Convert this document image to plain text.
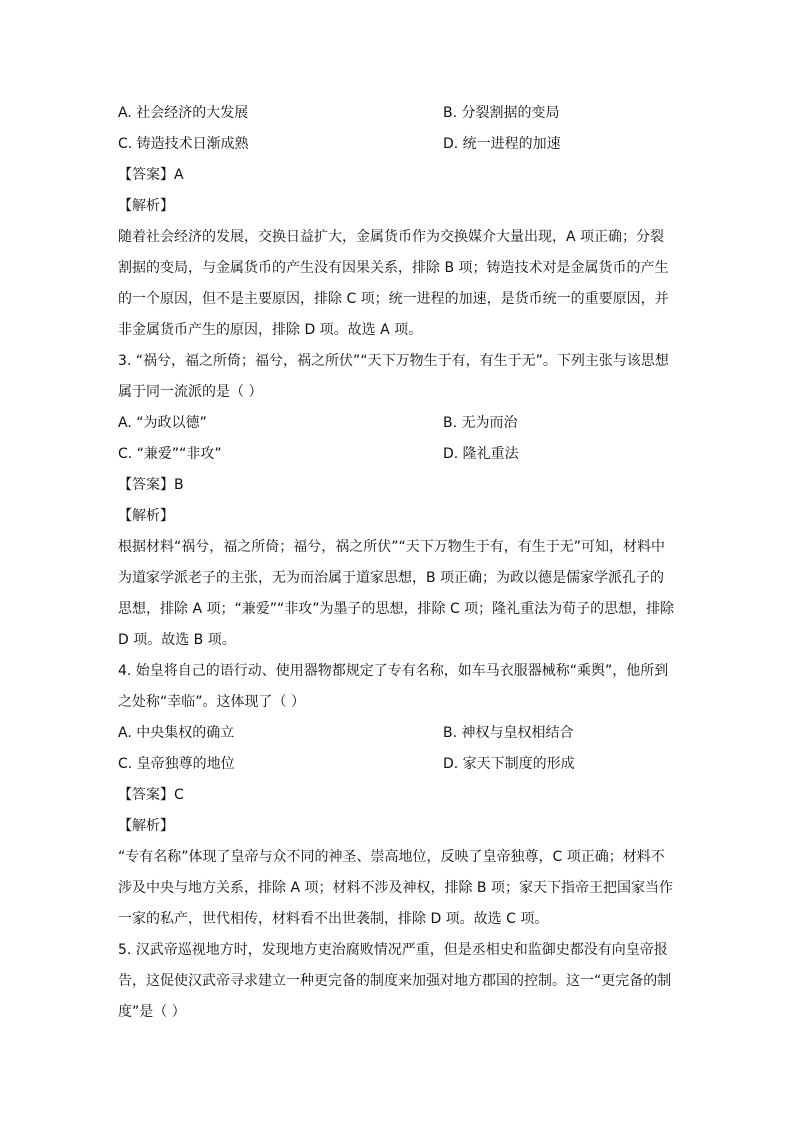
A. 社会经济的大发展	B. 分裂割据的变局
C. 铸造技术日渐成熟	D. 统一进程的加速
【答案】A
【解析】
随着社会经济的发展，交换日益扩大，金属货币作为交换媒介大量出现，A 项正确；分裂
割据的变局，与金属货币的产生没有因果关系，排除 B 项；铸造技术对是金属货币的产生
的一个原因，但不是主要原因，排除 C 项；统一进程的加速，是货币统一的重要原因，并
非金属货币产生的原因，排除 D 项。故选 A 项。
3. “祸兮，福之所倚；福兮，祸之所伏”“天下万物生于有，有生于无”。下列主张与该思想
属于同一流派的是（ ）
A. “为政以德”	B. 无为而治
C. “兼爱”“非攻”	D. 隆礼重法
【答案】B
【解析】
根据材料“祸兮，福之所倚；福兮，祸之所伏”“天下万物生于有，有生于无”可知，材料中
为道家学派老子的主张，无为而治属于道家思想，B 项正确；为政以德是儒家学派孔子的
思想，排除 A 项；“兼爱”“非攻”为墨子的思想，排除 C 项；隆礼重法为荀子的思想，排除
D 项。故选 B 项。
4. 始皇将自己的语行动、使用器物都规定了专有名称，如车马衣服器械称“乘舆”，他所到
之处称“幸临”。这体现了（ ）
A. 中央集权的确立	B. 神权与皇权相结合
C. 皇帝独尊的地位	D. 家天下制度的形成
【答案】C
【解析】
“专有名称”体现了皇帝与众不同的神圣、崇高地位，反映了皇帝独尊，C 项正确；材料不
涉及中央与地方关系，排除 A 项；材料不涉及神权，排除 B 项；家天下指帝王把国家当作
一家的私产，世代相传，材料看不出世袭制，排除 D 项。故选 C 项。
5. 汉武帝巡视地方时，发现地方吏治腐败情况严重，但是丞相史和监御史都没有向皇帝报
告，这促使汉武帝寻求建立一种更完备的制度来加强对地方郡国的控制。这一“更完备的制
度”是（ ）
